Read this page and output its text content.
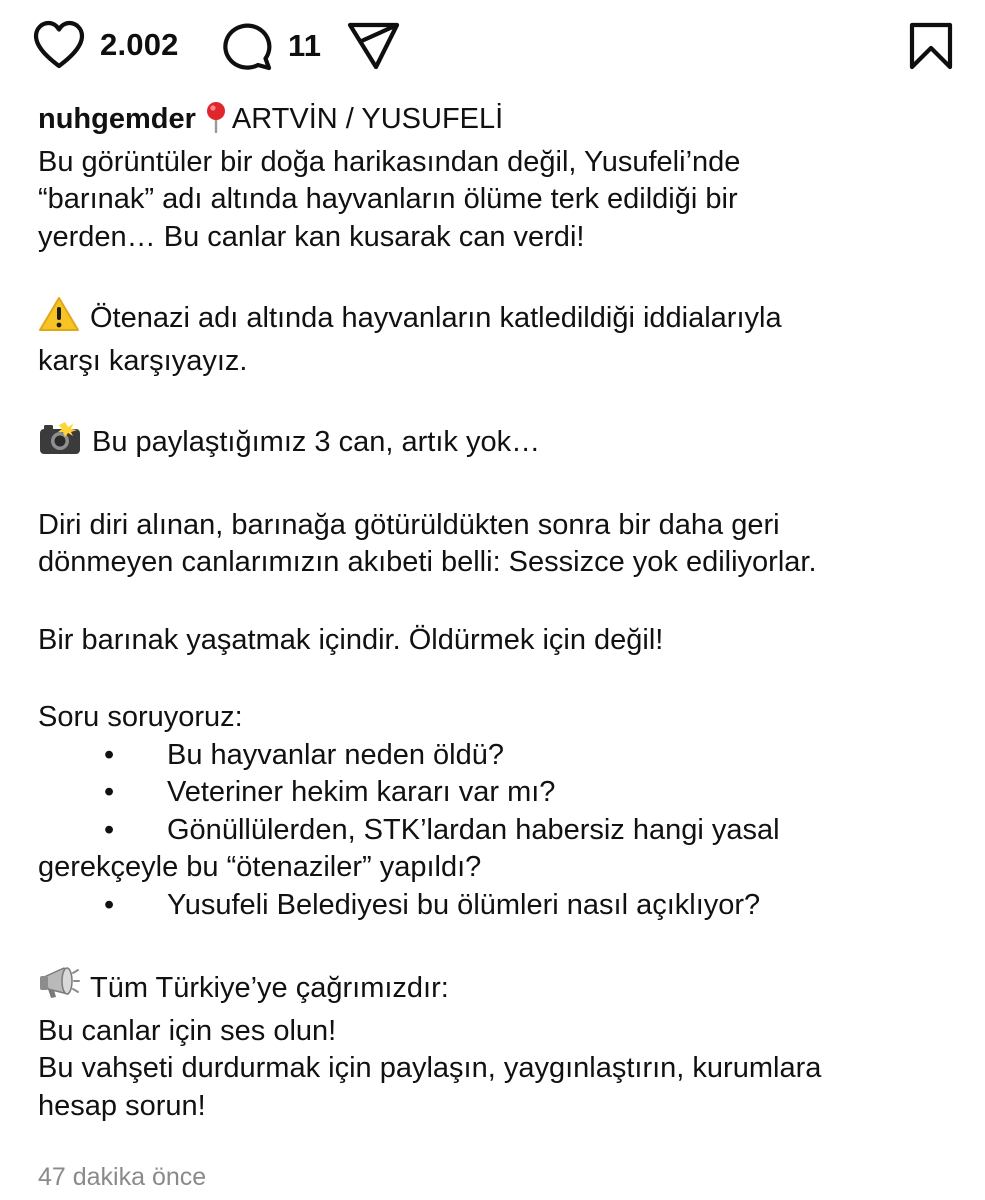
2.002	11
nuhgemder ARTVİN / YUSUFELİ
Bu görüntüler bir doğa harikasından değil, Yusufeli’nde
“barınak” adı altında hayvanların ölüme terk edildiği bir
yerden… Bu canlar kan kusarak can verdi!
Ötenazi adı altında hayvanların katledildiği iddialarıyla
karşı karşıyayız.
Bu paylaştığımız 3 can, artık yok…
Diri diri alınan, barınağa götürüldükten sonra bir daha geri
dönmeyen canlarımızın akıbeti belli: Sessizce yok ediliyorlar.
Bir barınak yaşatmak içindir. Öldürmek için değil!
Soru soruyoruz:
• Bu hayvanlar neden öldü?
• Veteriner hekim kararı var mı?
• Gönüllülerden, STK’lardan habersiz hangi yasal
gerekçeyle bu “ötenaziler” yapıldı?
• Yusufeli Belediyesi bu ölümleri nasıl açıklıyor?
Tüm Türkiye’ye çağrımızdır:
Bu canlar için ses olun!
Bu vahşeti durdurmak için paylaşın, yaygınlaştırın, kurumlara
hesap sorun!
47 dakika önce
